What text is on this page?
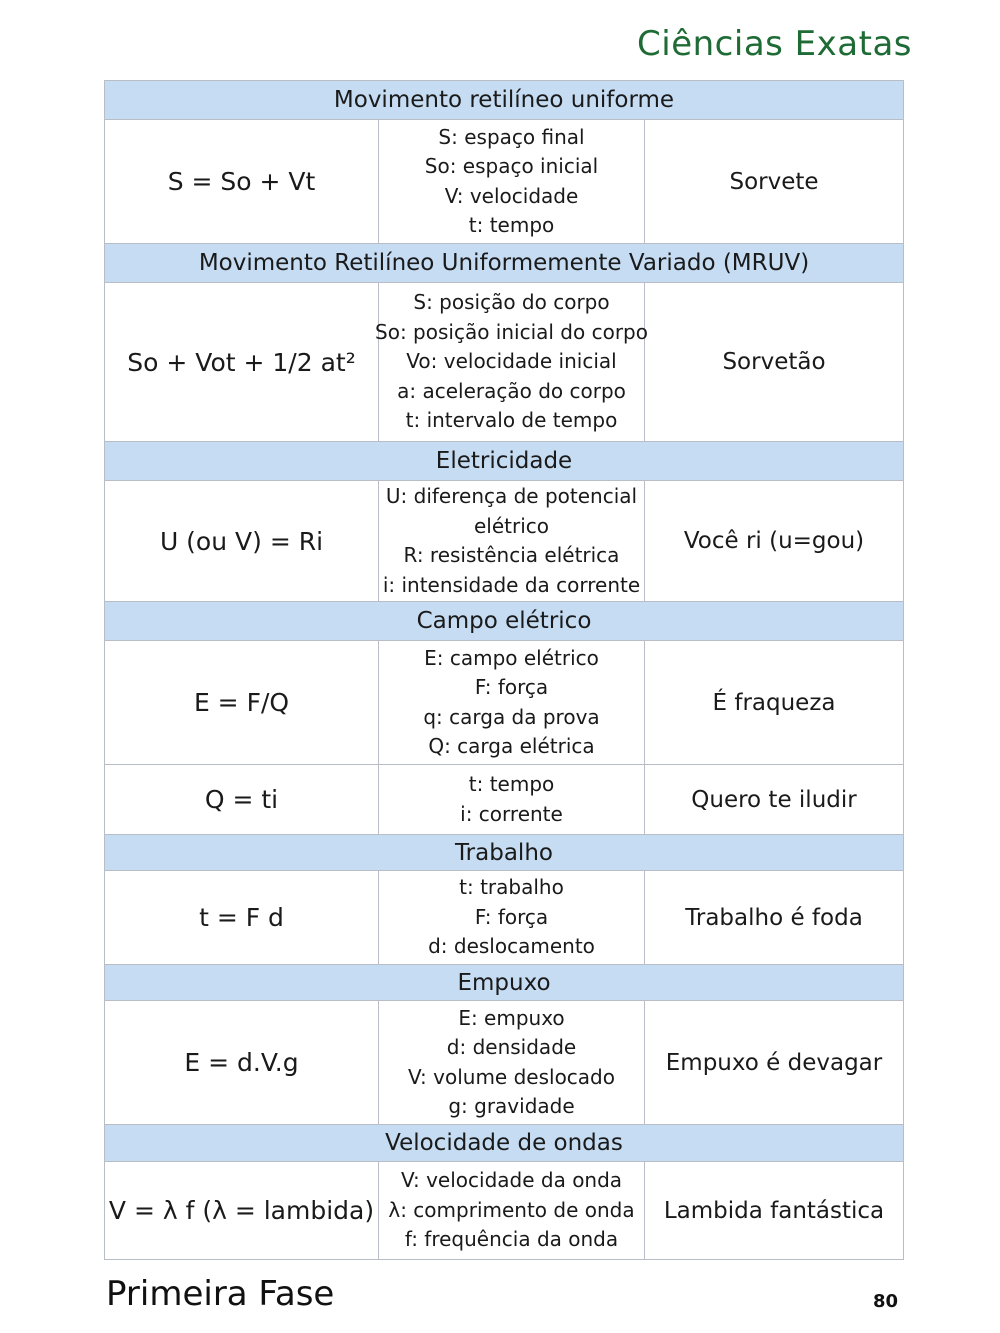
Ciências Exatas
Movimento retilíneo uniforme
S = So + Vt
S: espaço final
So: espaço inicial
V: velocidade
t: tempo
Sorvete
Movimento Retilíneo Uniformemente Variado (MRUV)
So + Vot + 1/2 at²
S: posição do corpo
So: posição inicial do corpo
Vo: velocidade inicial
a: aceleração do corpo
t: intervalo de tempo
Sorvetão
Eletricidade
U (ou V) = Ri
U: diferença de potencial
elétrico
R: resistência elétrica
i: intensidade da corrente
Você ri (u=gou)
Campo elétrico
E = F/Q
E: campo elétrico
F: força
q: carga da prova
Q: carga elétrica
É fraqueza
Q = ti
t: tempo
i: corrente
Quero te iludir
Trabalho
t = F d
t: trabalho
F: força
d: deslocamento
Trabalho é foda
Empuxo
E = d.V.g
E: empuxo
d: densidade
V: volume deslocado
g: gravidade
Empuxo é devagar
Velocidade de ondas
V = λ f (λ = lambida)
V: velocidade da onda
λ: comprimento de onda
f: frequência da onda
Lambida fantástica
Primeira Fase	80
